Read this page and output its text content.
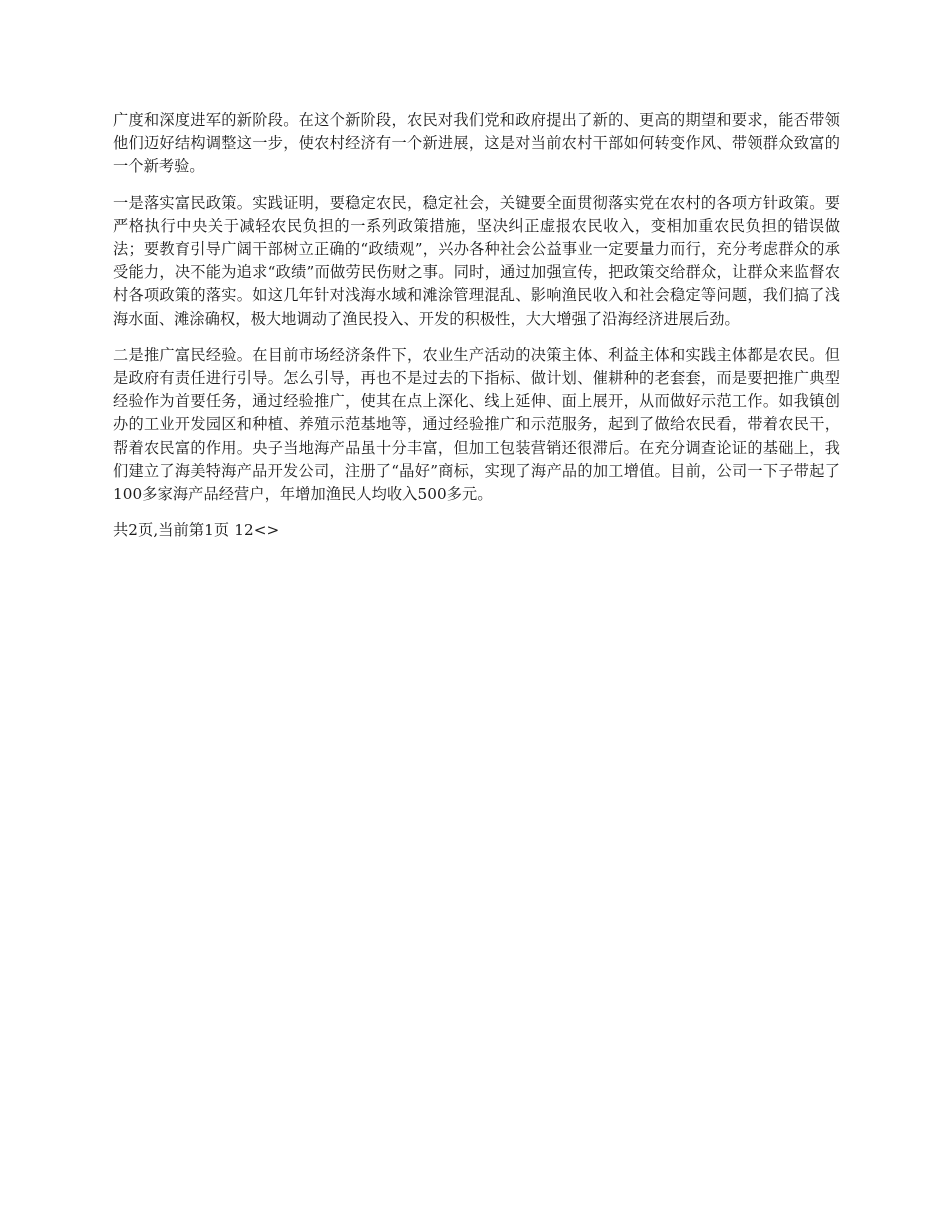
广度和深度进军的新阶段。在这个新阶段，农民对我们党和政府提出了新的、更高的期望和要求，能否带领他们迈好结构调整这一步，使农村经济有一个新进展，这是对当前农村干部如何转变作风、带领群众致富的一个新考验。

一是落实富民政策。实践证明，要稳定农民，稳定社会，关键要全面贯彻落实党在农村的各项方针政策。要严格执行中央关于减轻农民负担的一系列政策措施，坚决纠正虚报农民收入，变相加重农民负担的错误做法；要教育引导广阔干部树立正确的“政绩观”，兴办各种社会公益事业一定要量力而行，充分考虑群众的承受能力，决不能为追求“政绩”而做劳民伤财之事。同时，通过加强宣传，把政策交给群众，让群众来监督农村各项政策的落实。如这几年针对浅海水域和滩涂管理混乱、影响渔民收入和社会稳定等问题，我们搞了浅海水面、滩涂确权，极大地调动了渔民投入、开发的积极性，大大增强了沿海经济进展后劲。

二是推广富民经验。在目前市场经济条件下，农业生产活动的决策主体、利益主体和实践主体都是农民。但是政府有责任进行引导。怎么引导，再也不是过去的下指标、做计划、催耕种的老套套，而是要把推广典型经验作为首要任务，通过经验推广，使其在点上深化、线上延伸、面上展开，从而做好示范工作。如我镇创办的工业开发园区和种植、养殖示范基地等，通过经验推广和示范服务，起到了做给农民看，带着农民干，帮着农民富的作用。央子当地海产品虽十分丰富，但加工包装营销还很滞后。在充分调查论证的基础上，我们建立了海美特海产品开发公司，注册了“晶好”商标，实现了海产品的加工增值。目前，公司一下子带起了100多家海产品经营户，年增加渔民人均收入500多元。

共2页,当前第1页 1 2 < >
